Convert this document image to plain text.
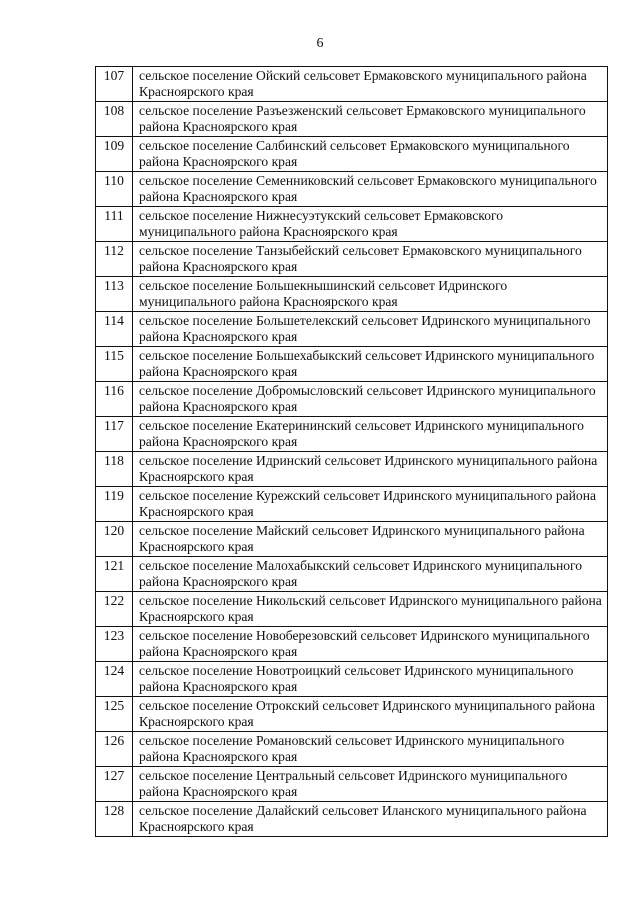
6
107	сельское поселение Ойский сельсовет Ермаковского муниципального района Красноярского края
108	сельское поселение Разъезженский сельсовет Ермаковского муниципального района Красноярского края
109	сельское поселение Салбинский сельсовет Ермаковского муниципального района Красноярского края
110	сельское поселение Семенниковский сельсовет Ермаковского муниципального района Красноярского края
111	сельское поселение Нижнесуэтукский сельсовет Ермаковского муниципального района Красноярского края
112	сельское поселение Танзыбейский сельсовет Ермаковского муниципального района Красноярского края
113	сельское поселение Большекнышинский сельсовет Идринского муниципального района Красноярского края
114	сельское поселение Большетелекский сельсовет Идринского муниципального района Красноярского края
115	сельское поселение Большехабыкский сельсовет Идринского муниципального района Красноярского края
116	сельское поселение Добромысловский сельсовет Идринского муниципального района Красноярского края
117	сельское поселение Екатерининский сельсовет Идринского муниципального района Красноярского края
118	сельское поселение Идринский сельсовет Идринского муниципального района Красноярского края
119	сельское поселение Курежский сельсовет Идринского муниципального района Красноярского края
120	сельское поселение Майский сельсовет Идринского муниципального района Красноярского края
121	сельское поселение Малохабыкский сельсовет Идринского муниципального района Красноярского края
122	сельское поселение Никольский сельсовет Идринского муниципального района Красноярского края
123	сельское поселение Новоберезовский сельсовет Идринского муниципального района Красноярского края
124	сельское поселение Новотроицкий сельсовет Идринского муниципального района Красноярского края
125	сельское поселение Отрокский сельсовет Идринского муниципального района Красноярского края
126	сельское поселение Романовский сельсовет Идринского муниципального района Красноярского края
127	сельское поселение Центральный сельсовет Идринского муниципального района Красноярского края
128	сельское поселение Далайский сельсовет Иланского муниципального района Красноярского края
